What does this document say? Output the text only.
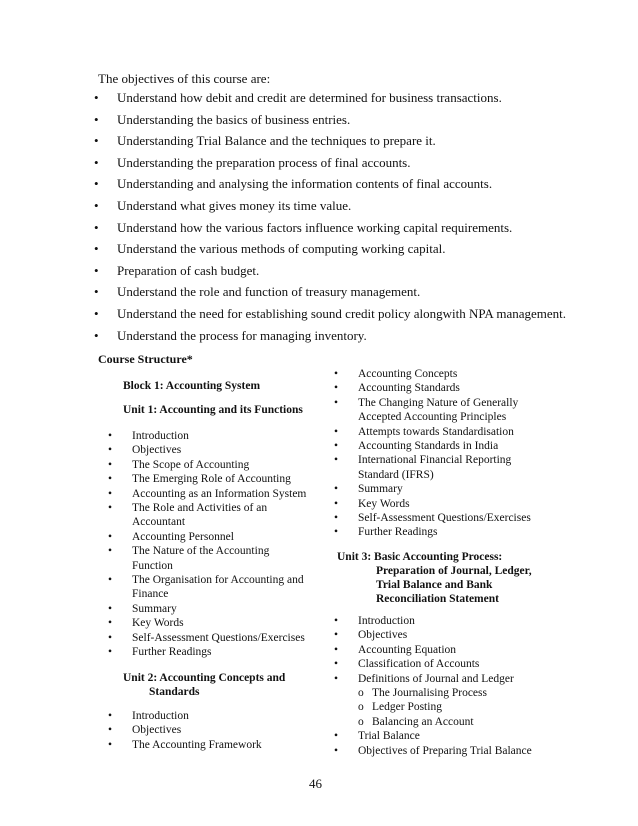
The objectives of this course are:
• Understand how debit and credit are determined for business transactions.
• Understanding the basics of business entries.
• Understanding Trial Balance and the techniques to prepare it.
• Understanding the preparation process of final accounts.
• Understanding and analysing the information contents of final accounts.
• Understand what gives money its time value.
• Understand how the various factors influence working capital requirements.
• Understand the various methods of computing working capital.
• Preparation of cash budget.
• Understand the role and function of treasury management.
• Understand the need for establishing sound credit policy alongwith NPA management.
• Understand the process for managing inventory.
Course Structure*
Block 1: Accounting System
Unit 1: Accounting and its Functions
• Introduction
• Objectives
• The Scope of Accounting
• The Emerging Role of Accounting
• Accounting as an Information System
• The Role and Activities of an Accountant
• Accounting Personnel
• The Nature of the Accounting Function
• The Organisation for Accounting and Finance
• Summary
• Key Words
• Self-Assessment Questions/Exercises
• Further Readings
Unit 2: Accounting Concepts and
Standards
• Introduction
• Objectives
• The Accounting Framework
• Accounting Concepts
• Accounting Standards
• The Changing Nature of Generally Accepted Accounting Principles
• Attempts towards Standardisation
• Accounting Standards in India
• International Financial Reporting Standard (IFRS)
• Summary
• Key Words
• Self-Assessment Questions/Exercises
• Further Readings
Unit 3: Basic Accounting Process:
Preparation of Journal, Ledger,
Trial Balance and Bank
Reconciliation Statement
• Introduction
• Objectives
• Accounting Equation
• Classification of Accounts
• Definitions of Journal and Ledger
o The Journalising Process
o Ledger Posting
o Balancing an Account
• Trial Balance
• Objectives of Preparing Trial Balance
46
